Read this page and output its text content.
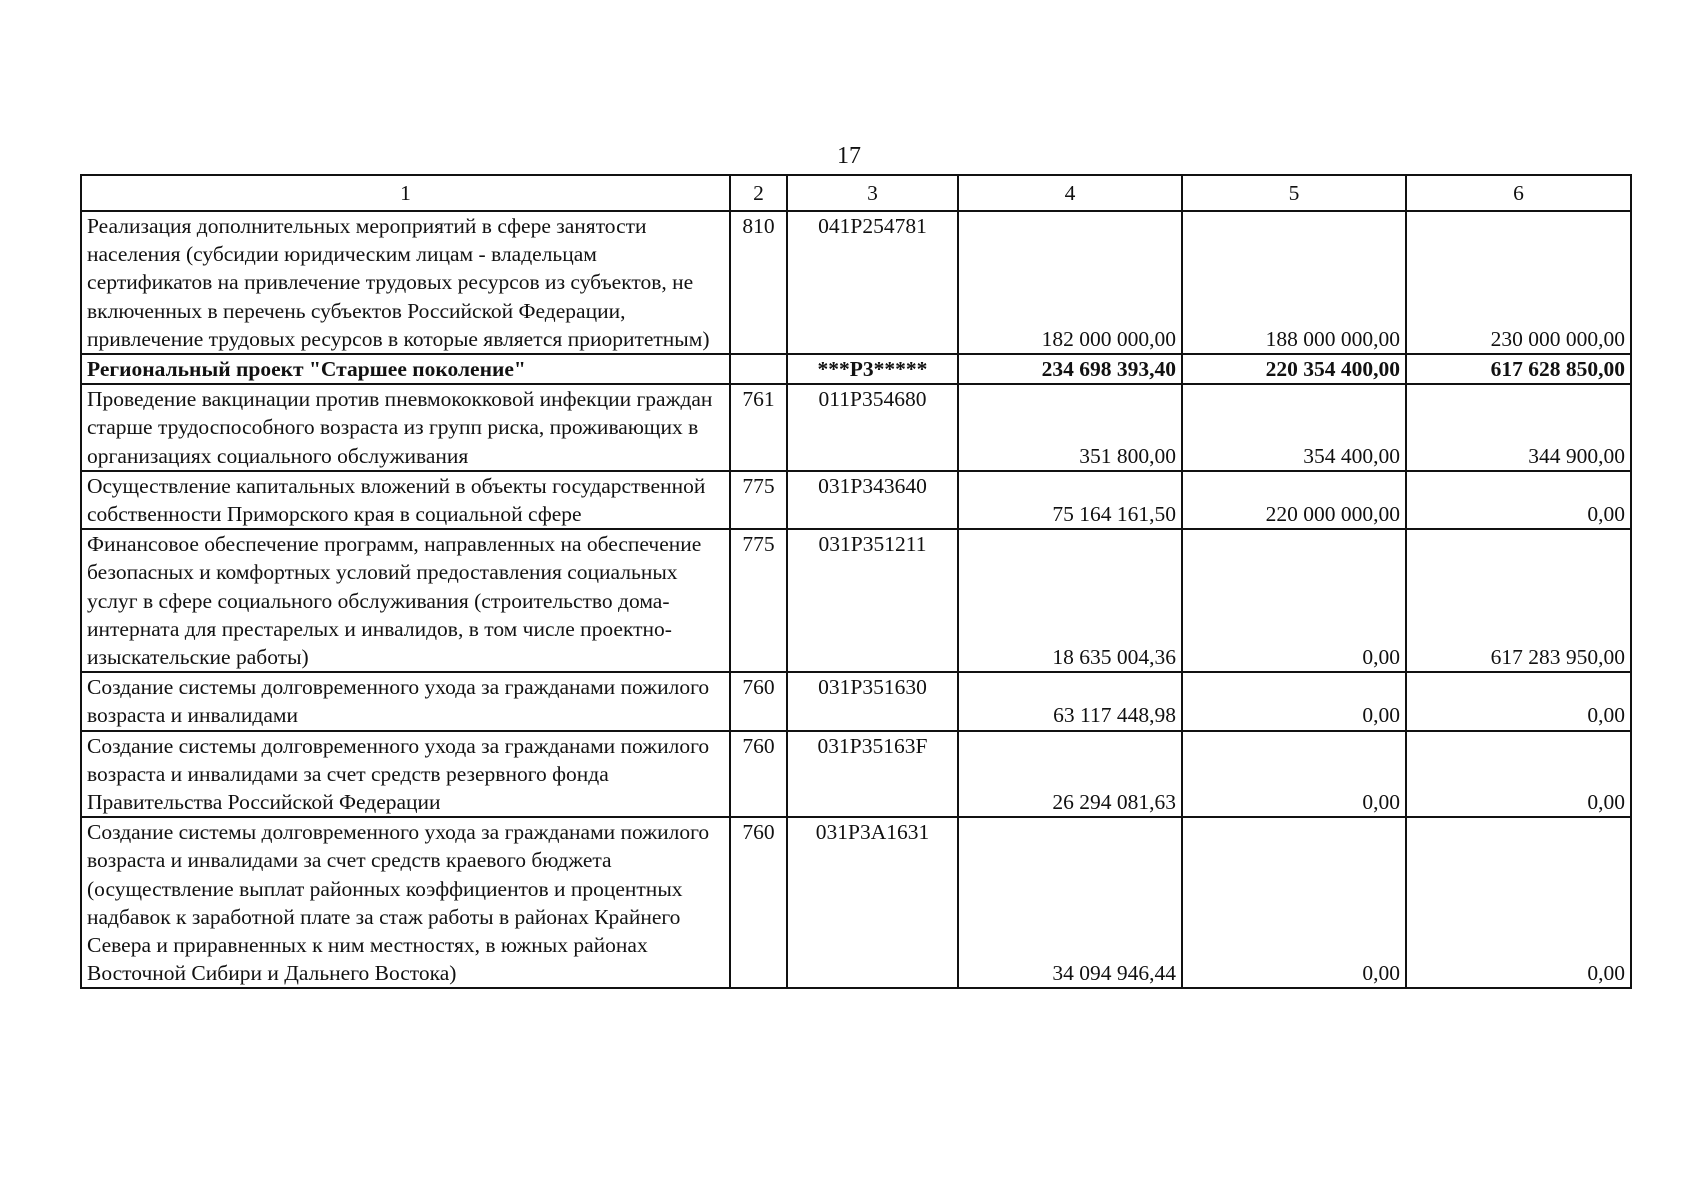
17
1	2	3	4	5	6
Реализация дополнительных мероприятий в сфере занятости населения (субсидии юридическим лицам - владельцам сертификатов на привлечение трудовых ресурсов из субъектов, не включенных в перечень субъектов Российской Федерации, привлечение трудовых ресурсов в которые является приоритетным)	810	041P254781	182 000 000,00	188 000 000,00	230 000 000,00
Региональный проект "Старшее поколение"		***P3*****	234 698 393,40	220 354 400,00	617 628 850,00
Проведение вакцинации против пневмококковой инфекции граждан старше трудоспособного возраста из групп риска, проживающих в организациях социального обслуживания	761	011P354680	351 800,00	354 400,00	344 900,00
Осуществление капитальных вложений в объекты государственной собственности Приморского края в социальной сфере	775	031P343640	75 164 161,50	220 000 000,00	0,00
Финансовое обеспечение программ, направленных на обеспечение безопасных и комфортных условий предоставления социальных услуг в сфере социального обслуживания (строительство дома-интерната для престарелых и инвалидов, в том числе проектно-изыскательские работы)	775	031P351211	18 635 004,36	0,00	617 283 950,00
Создание системы долговременного ухода за гражданами пожилого возраста и инвалидами	760	031P351630	63 117 448,98	0,00	0,00
Создание системы долговременного ухода за гражданами пожилого возраста и инвалидами за счет средств резервного фонда Правительства Российской Федерации	760	031P35163F	26 294 081,63	0,00	0,00
Создание системы долговременного ухода за гражданами пожилого возраста и инвалидами за счет средств краевого бюджета (осуществление выплат районных коэффициентов и процентных надбавок к заработной плате за стаж работы в районах Крайнего Севера и приравненных к ним местностях, в южных районах Восточной Сибири и Дальнего Востока)	760	031P3A1631	34 094 946,44	0,00	0,00
